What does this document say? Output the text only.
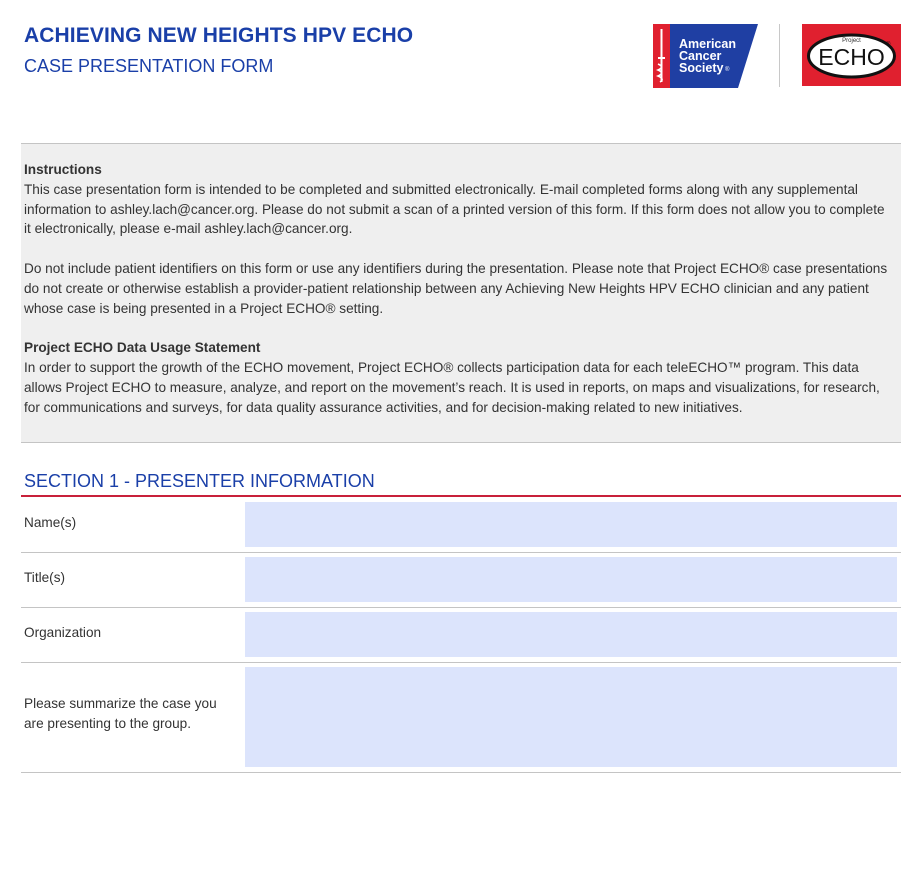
ACHIEVING NEW HEIGHTS HPV ECHO
CASE PRESENTATION FORM
American
Cancer
Society ®
Project
ECHO ®

Instructions

This case presentation form is intended to be completed and submitted electronically. E-mail completed forms along with any supplemental information to ashley.lach@cancer.org. Please do not submit a scan of a printed version of this form. If this form does not allow you to complete it electronically, please e-mail ashley.lach@cancer.org.

Do not include patient identifiers on this form or use any identifiers during the presentation. Please note that Project ECHO® case presentations do not create or otherwise establish a provider-patient relationship between any Achieving New Heights HPV ECHO clinician and any patient whose case is being presented in a Project ECHO® setting.

Project ECHO Data Usage Statement

In order to support the growth of the ECHO movement, Project ECHO® collects participation data for each teleECHO™ program. This data allows Project ECHO to measure, analyze, and report on the movement’s reach. It is used in reports, on maps and visualizations, for research, for communications and surveys, for data quality assurance activities, and for decision-making related to new initiatives.

SECTION 1 - PRESENTER INFORMATION
Name(s)
Title(s)
Organization
Please summarize the case you are presenting to the group.
